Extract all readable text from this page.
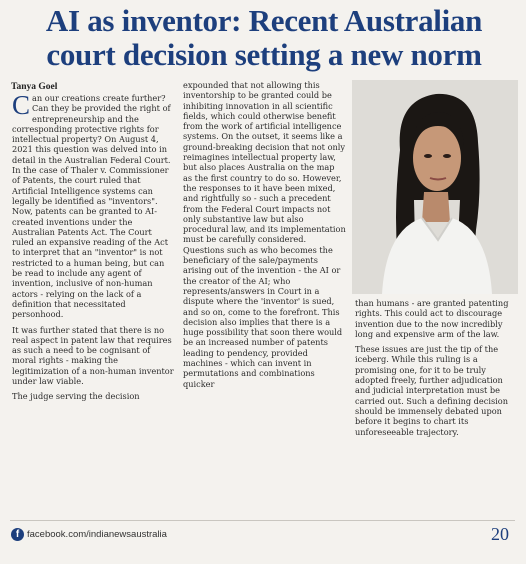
AI as inventor: Recent Australian court decision setting a new norm
Tanya Goel

Can our creations create further? Can they be provided the right of entrepreneurship and the corresponding protective rights for intellectual property? On August 4, 2021 this question was delved into in detail in the Australian Federal Court. In the case of Thaler v. Commissioner of Patents, the court ruled that Artificial Intelligence systems can legally be identified as "inventors". Now, patents can be granted to AI-created inventions under the Australian Patents Act. The Court ruled an expansive reading of the Act to interpret that an "inventor" is not restricted to a human being, but can be read to include any agent of invention, inclusive of non-human actors - relying on the lack of a definition that necessitated personhood.

It was further stated that there is no real aspect in patent law that requires as such a need to be cognisant of moral rights - making the legitimization of a non-human inventor under law viable.

The judge serving the decision

expounded that not allowing this inventorship to be granted could be inhibiting innovation in all scientific fields, which could otherwise benefit from the work of artificial intelligence systems. On the outset, it seems like a ground-breaking decision that not only reimagines intellectual property law, but also places Australia on the map as the first country to do so. However, the responses to it have been mixed, and rightfully so - such a precedent from the Federal Court impacts not only substantive law but also procedural law, and its implementation must be carefully considered. Questions such as who becomes the beneficiary of the sale/payments arising out of the invention - the AI or the creator of the AI; who represents/answers in Court in a dispute where the 'inventor' is sued, and so on, come to the forefront. This decision also implies that there is a huge possibility that soon there would be an increased number of patents leading to pendency, provided machines - which can invent in permutations and combinations quicker

than humans - are granted patenting rights. This could act to discourage invention due to the now incredibly long and expensive arm of the law.

These issues are just the tip of the iceberg. While this ruling is a promising one, for it to be truly adopted freely, further adjudication and judicial interpretation must be carried out. Such a defining decision should be immensely debated upon before it begins to chart its unforeseeable trajectory.

f facebook.com/indianewsaustralia	20
